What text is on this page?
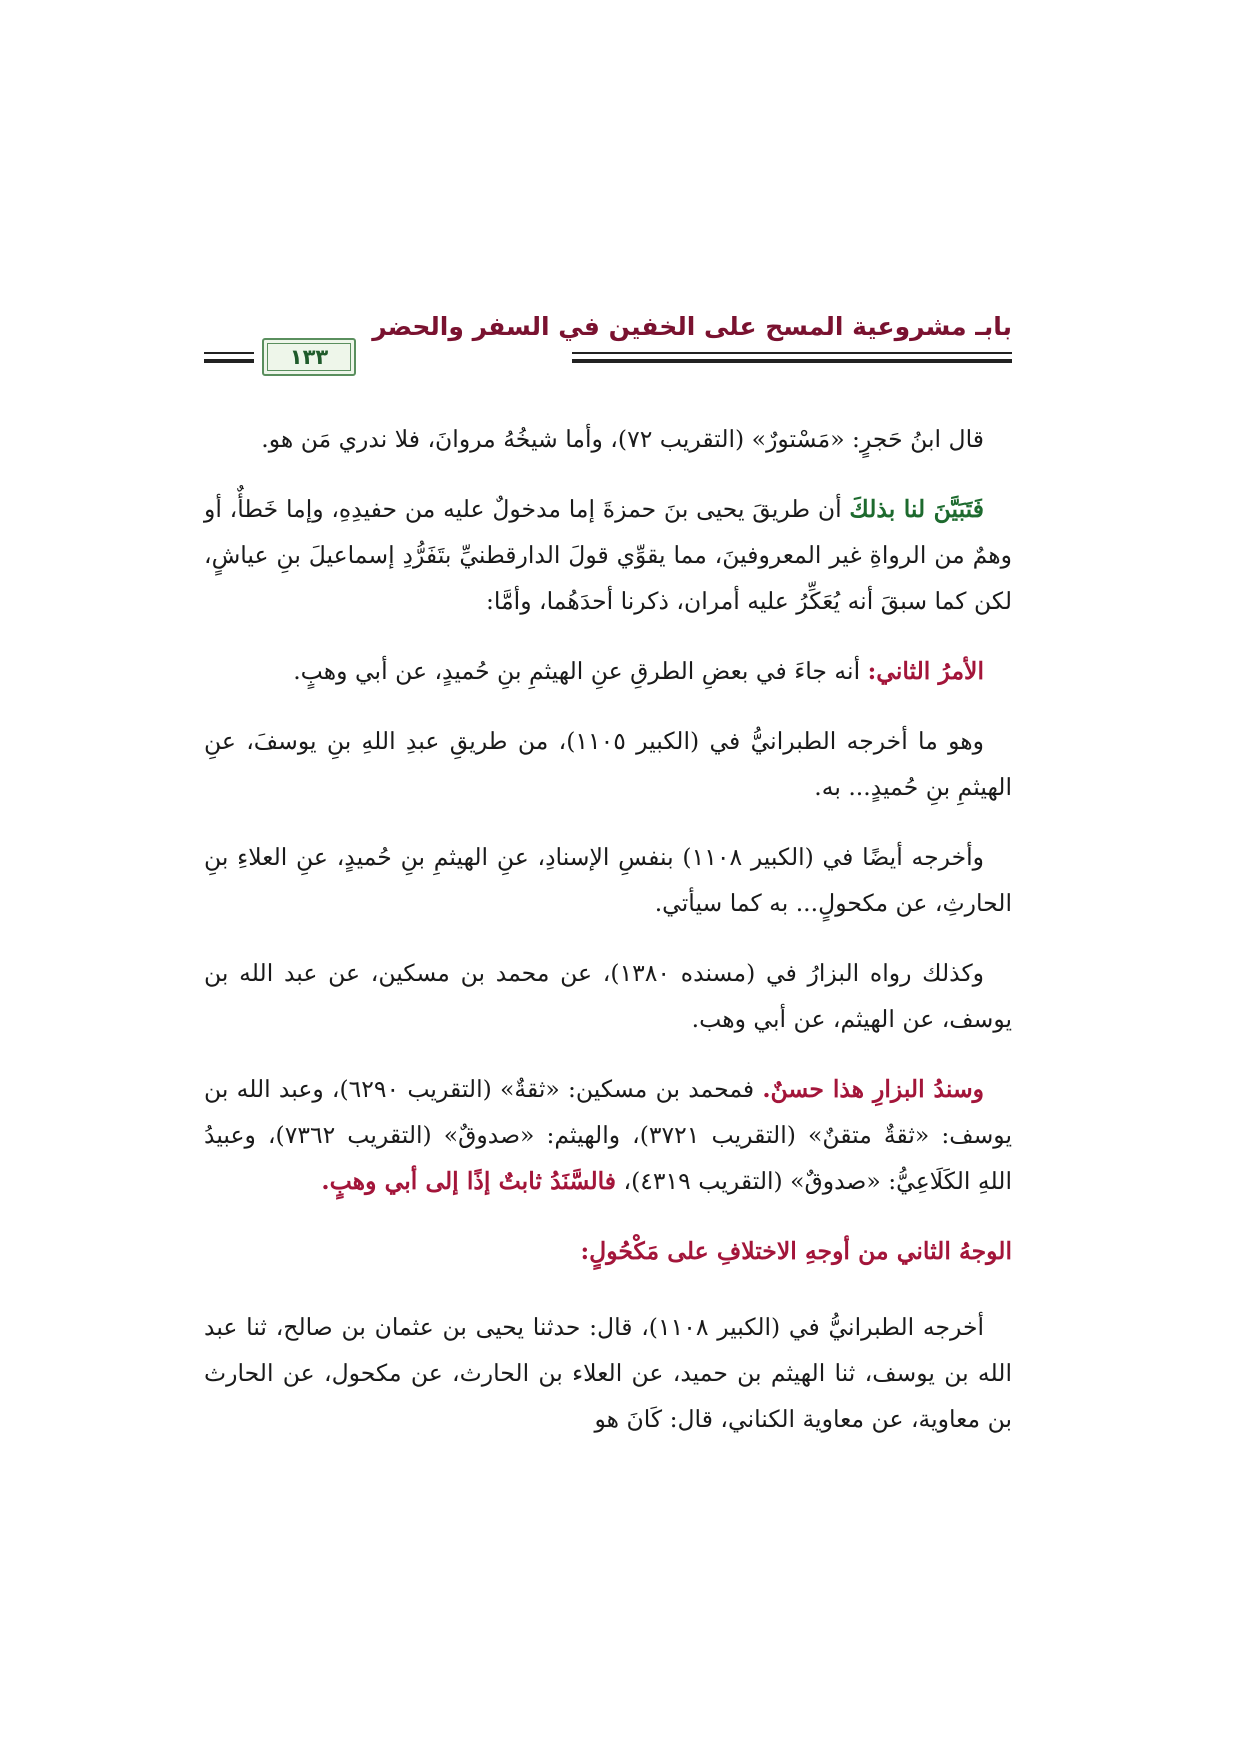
بابـ مشروعية المسح على الخفين في السفر والحضر
١٣٣

قال ابنُ حَجرٍ: «مَسْتورٌ» (التقريب ٧٢)، وأما شيخُهُ مروانَ، فلا ندري مَن هو.

فَتَبَيَّنَ لنا بذلكَ أن طريقَ يحيى بنَ حمزةَ إما مدخولٌ عليه من حفيدِهِ، وإما خَطأٌ، أو وهمٌ من الرواةِ غير المعروفينَ، مما يقوِّي قولَ الدارقطنيِّ بتَفَرُّدِ إسماعيلَ بنِ عياشٍ، لكن كما سبقَ أنه يُعَكِّرُ عليه أمران، ذكرنا أحدَهُما، وأمَّا:

الأمرُ الثاني: أنه جاءَ في بعضِ الطرقِ عنِ الهيثمِ بنِ حُميدٍ، عن أبي وهبٍ.

وهو ما أخرجه الطبرانيُّ في (الكبير ١١٠٥)، من طريقِ عبدِ اللهِ بنِ يوسفَ، عنِ الهيثمِ بنِ حُميدٍ... به.

وأخرجه أيضًا في (الكبير ١١٠٨) بنفسِ الإسنادِ، عنِ الهيثمِ بنِ حُميدٍ، عنِ العلاءِ بنِ الحارثِ، عن مكحولٍ... به كما سيأتي.

وكذلك رواه البزارُ في (مسنده ١٣٨٠)، عن محمد بن مسكين، عن عبد الله بن يوسف، عن الهيثم، عن أبي وهب.

وسندُ البزارِ هذا حسنٌ. فمحمد بن مسكين: «ثقةٌ» (التقريب ٦٢٩٠)، وعبد الله بن يوسف: «ثقةٌ متقنٌ» (التقريب ٣٧٢١)، والهيثم: «صدوقٌ» (التقريب ٧٣٦٢)، وعبيدُ اللهِ الكَلَاعِيُّ: «صدوقٌ» (التقريب ٤٣١٩)، فالسَّنَدُ ثابتٌ إذًا إلى أبي وهبٍ.

الوجهُ الثاني من أوجهِ الاختلافِ على مَكْحُولٍ:

أخرجه الطبرانيُّ في (الكبير ١١٠٨)، قال: حدثنا يحيى بن عثمان بن صالح، ثنا عبد الله بن يوسف، ثنا الهيثم بن حميد، عن العلاء بن الحارث، عن مكحول، عن الحارث بن معاوية، عن معاوية الكناني، قال: كَانَ هو
